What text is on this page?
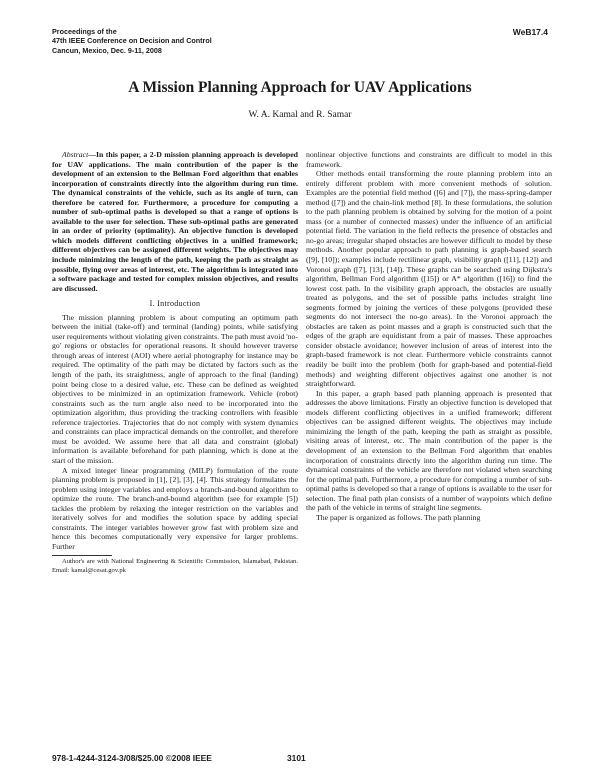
Proceedings of the
47th IEEE Conference on Decision and Control
Cancun, Mexico, Dec. 9-11, 2008
WeB17.4
A Mission Planning Approach for UAV Applications
W. A. Kamal and R. Samar

Abstract—In this paper, a 2-D mission planning approach is developed for UAV applications. The main contribution of the paper is the development of an extension to the Bellman Ford algorithm that enables incorporation of constraints directly into the algorithm during run time. The dynamical constraints of the vehicle, such as its angle of turn, can therefore be catered for. Furthermore, a procedure for computing a number of sub-optimal paths is developed so that a range of options is available to the user for selection. These sub-optimal paths are generated in an order of priority (optimality). An objective function is developed which models different conflicting objectives in a unified framework; different objectives can be assigned different weights. The objectives may include minimizing the length of the path, keeping the path as straight as possible, flying over areas of interest, etc. The algorithm is integrated into a software package and tested for complex mission objectives, and results are discussed.

I. Introduction

The mission planning problem is about computing an optimum path between the initial (take-off) and terminal (landing) points, while satisfying user requirements without violating given constraints. The path must avoid 'no-go' regions or obstacles for operational reasons. It should however traverse through areas of interest (AOI) where aerial photography for instance may be required. The optimality of the path may be dictated by factors such as the length of the path, its straightness, angle of approach to the final (landing) point being close to a desired value, etc. These can be defined as weighted objectives to be minimized in an optimization framework. Vehicle (robot) constraints such as the turn angle also need to be incorporated into the optimization algorithm, thus providing the tracking controllers with feasible reference trajectories. Trajectories that do not comply with system dynamics and constraints can place impractical demands on the controller, and therefore must be avoided. We assume here that all data and constraint (global) information is available beforehand for path planning, which is done at the start of the mission.

A mixed integer linear programming (MILP) formulation of the route planning problem is proposed in [1], [2], [3], [4]. This strategy formulates the problem using integer variables and employs a branch-and-bound algorithm to optimize the route. The branch-and-bound algorithm (see for example [5]) tackles the problem by relaxing the integer restriction on the variables and iteratively solves for and modifies the solution space by adding special constraints. The integer variables however grow fast with problem size and hence this becomes computationally very expensive for larger problems. Further

Author's are with National Engineering & Scientific Commission, Islamabad, Pakistan. Email: kamal@cesat.gov.pk

nonlinear objective functions and constraints are difficult to model in this framework.

Other methods entail transforming the route planning problem into an entirely different problem with more convenient methods of solution. Examples are the potential field method ([6] and [7]), the mass-spring-damper method ([7]) and the chain-link method [8]. In these formulations, the solution to the path planning problem is obtained by solving for the motion of a point mass (or a number of connected masses) under the influence of an artificial potential field. The variation in the field reflects the presence of obstacles and no-go areas; irregular shaped obstacles are however difficult to model by these methods. Another popular approach to path planning is graph-based search ([9], [10]); examples include rectilinear graph, visibility graph ([11], [12]) and Voronoi graph ([7], [13], [14]). These graphs can be searched using Dijkstra's algorithm, Bellman Ford algorithm ([15]) or A* algorithm ([16]) to find the lowest cost path. In the visibility graph approach, the obstacles are usually treated as polygons, and the set of possible paths includes straight line segments formed by joining the vertices of these polygons (provided these segments do not intersect the no-go areas). In the Voronoi approach the obstacles are taken as point masses and a graph is constructed such that the edges of the graph are equidistant from a pair of masses. These approaches consider obstacle avoidance; however inclusion of areas of interest into the graph-based framework is not clear. Furthermore vehicle constraints cannot readily be built into the problem (both for graph-based and potential-field methods) and weighting different objectives against one another is not straightforward.

In this paper, a graph based path planning approach is presented that addresses the above limitations. Firstly an objective function is developed that models different conflicting objectives in a unified framework; different objectives can be assigned different weights. The objectives may include minimizing the length of the path, keeping the path as straight as possible, visiting areas of interest, etc. The main contribution of the paper is the development of an extension to the Bellman Ford algorithm that enables incorporation of constraints directly into the algorithm during run time. The dynamical constraints of the vehicle are therefore not violated when searching for the optimal path. Furthermore, a procedure for computing a number of sub-optimal paths is developed so that a range of options is available to the user for selection. The final path plan consists of a number of waypoints which define the path of the vehicle in terms of straight line segments.

The paper is organized as follows. The path planning

978-1-4244-3124-3/08/$25.00 ©2008 IEEE	3101
